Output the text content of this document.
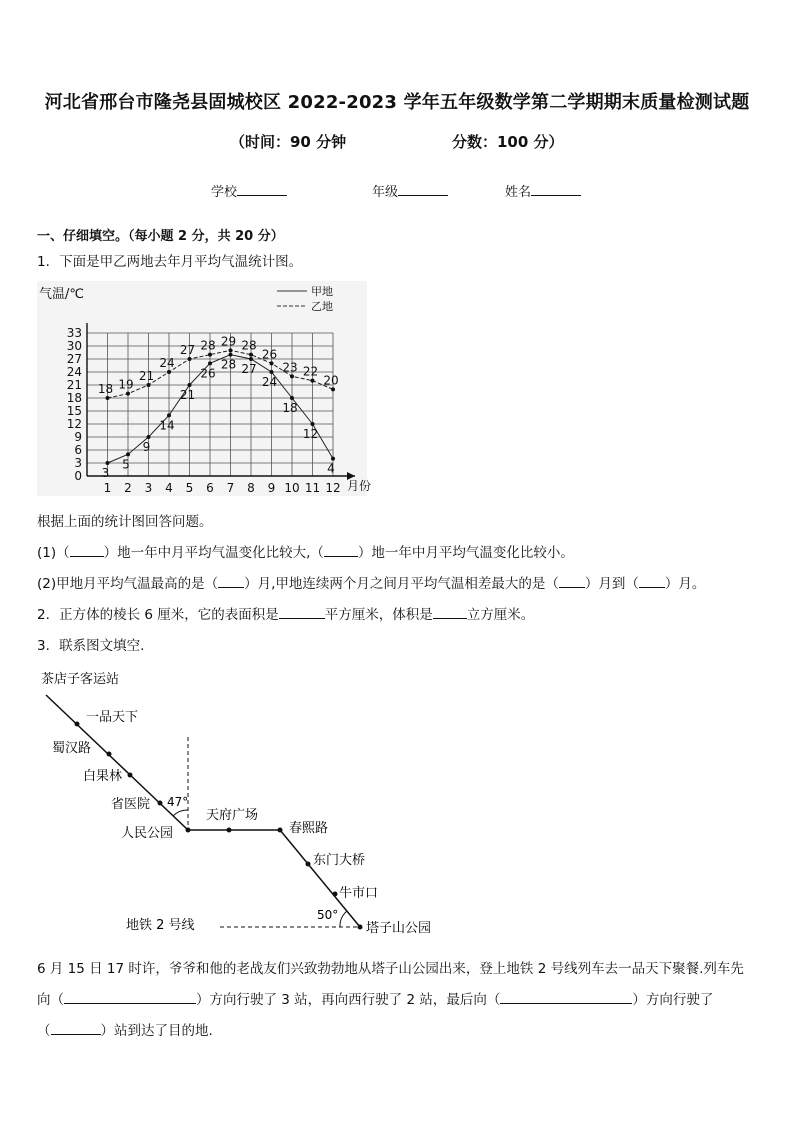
河北省邢台市隆尧县固城校区 2022-2023 学年五年级数学第二学期期末质量检测试题
（时间：90 分钟	分数：100 分）
学校	年级	姓名
一、仔细填空。（每小题 2 分，共 20 分）
1．下面是甲乙两地去年月平均气温统计图。
0
3
6
9
12
15
18
21
24
27
30
33
1 2 3 4 5 6 7 8 9 10 11 12
气温/℃
月份
甲地
乙地
3
5
9
14
21
26
28 27
24
18
12
4
18 19
21
24
27 28 29 28
26
23 22
20
根据上面的统计图回答问题。
(1)（	）地一年中月平均气温变化比较大,（	）地一年中月平均气温变化比较小。
(2)甲地月平均气温最高的是（ ）月,甲地连续两个月之间月平均气温相差最大的是（ ）月到（ ）月。
2．正方体的棱长 6 厘米，它的表面积是	平方厘米，体积是	立方厘米。
3．联系图文填空.
茶店子客运站
一品天下
蜀汉路
白果林
省医院
人民公园
天府广场
春熙路
东门大桥
牛市口
塔子山公园
47°
50°
地铁 2 号线
6 月 15 日 17 时许，爷爷和他的老战友们兴致勃勃地从塔子山公园出来，登上地铁 2 号线列车去一品天下聚餐.列车先
向（	）方向行驶了 3 站，再向西行驶了 2 站，最后向（	）方向行驶了
（	）站到达了目的地.
